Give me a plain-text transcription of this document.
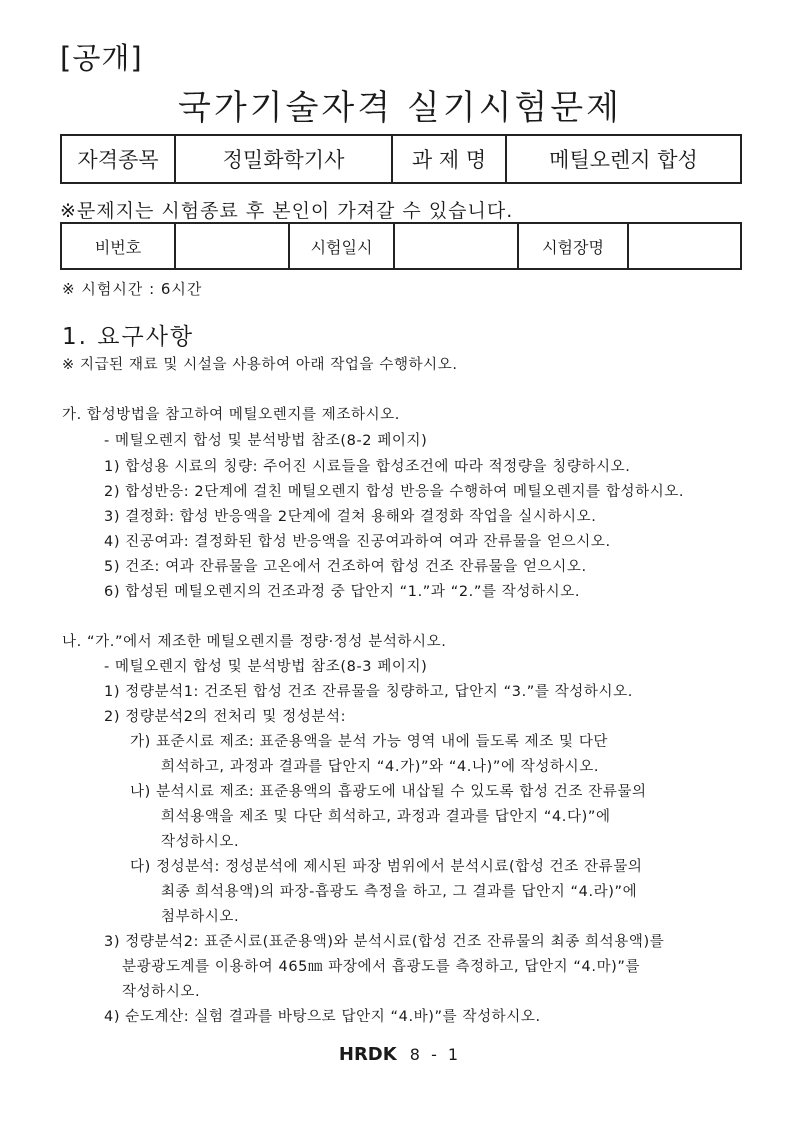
[공개]
국가기술자격 실기시험문제
자격종목	정밀화학기사	과 제 명	메틸오렌지 합성
※문제지는 시험종료 후 본인이 가져갈 수 있습니다.
비번호		시험일시		시험장명	
※ 시험시간 : 6시간
1. 요구사항
※ 지급된 재료 및 시설을 사용하여 아래 작업을 수행하시오.
가. 합성방법을 참고하여 메틸오렌지를 제조하시오.
- 메틸오렌지 합성 및 분석방법 참조(8-2 페이지)
1) 합성용 시료의 칭량: 주어진 시료들을 합성조건에 따라 적정량을 칭량하시오.
2) 합성반응: 2단계에 걸친 메틸오렌지 합성 반응을 수행하여 메틸오렌지를 합성하시오.
3) 결정화: 합성 반응액을 2단계에 걸쳐 용해와 결정화 작업을 실시하시오.
4) 진공여과: 결정화된 합성 반응액을 진공여과하여 여과 잔류물을 얻으시오.
5) 건조: 여과 잔류물을 고온에서 건조하여 합성 건조 잔류물을 얻으시오.
6) 합성된 메틸오렌지의 건조과정 중 답안지 “1.”과 “2.”를 작성하시오.
나. “가.”에서 제조한 메틸오렌지를 정량·정성 분석하시오.
- 메틸오렌지 합성 및 분석방법 참조(8-3 페이지)
1) 정량분석1: 건조된 합성 건조 잔류물을 칭량하고, 답안지 “3.”를 작성하시오.
2) 정량분석2의 전처리 및 정성분석:
가) 표준시료 제조: 표준용액을 분석 가능 영역 내에 들도록 제조 및 다단
희석하고, 과정과 결과를 답안지 “4.가)”와 “4.나)”에 작성하시오.
나) 분석시료 제조: 표준용액의 흡광도에 내삽될 수 있도록 합성 건조 잔류물의
희석용액을 제조 및 다단 희석하고, 과정과 결과를 답안지 “4.다)”에
작성하시오.
다) 정성분석: 정성분석에 제시된 파장 범위에서 분석시료(합성 건조 잔류물의
최종 희석용액)의 파장-흡광도 측정을 하고, 그 결과를 답안지 “4.라)”에
첨부하시오.
3) 정량분석2: 표준시료(표준용액)와 분석시료(합성 건조 잔류물의 최종 희석용액)를
분광광도계를 이용하여 465㎚ 파장에서 흡광도를 측정하고, 답안지 “4.마)”를
작성하시오.
4) 순도계산: 실험 결과를 바탕으로 답안지 “4.바)”를 작성하시오.
HRDK 8 - 1
